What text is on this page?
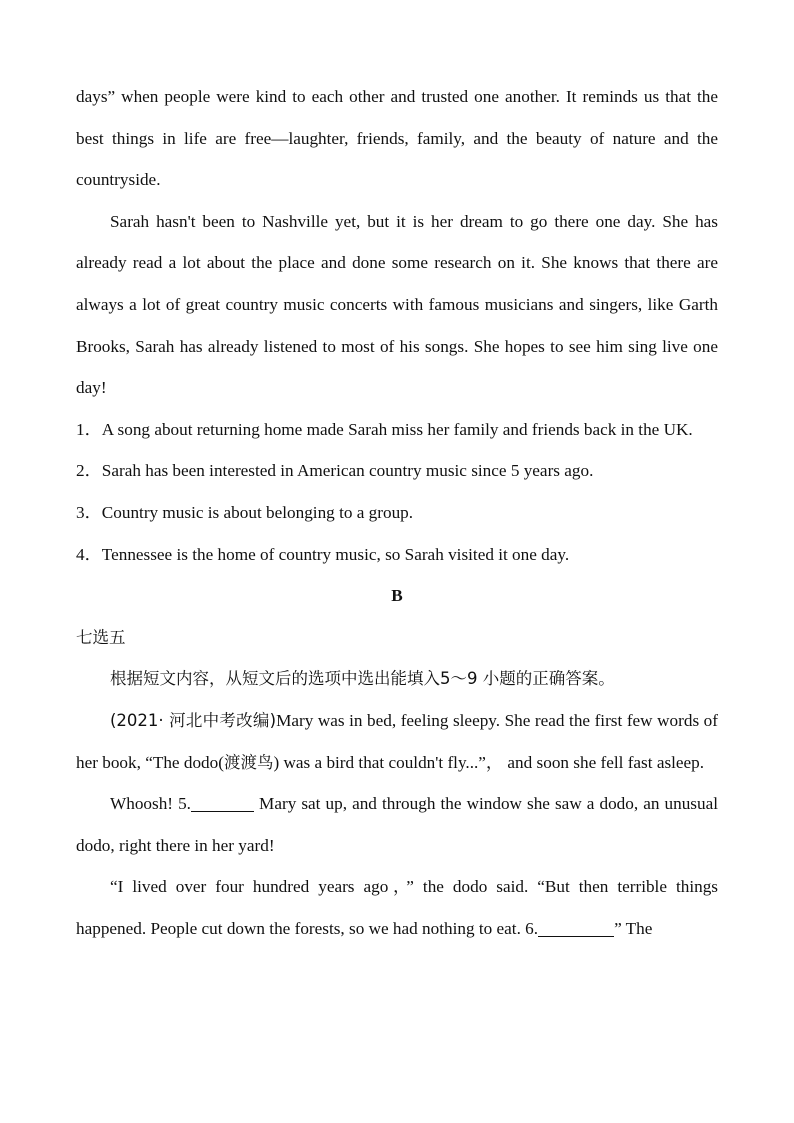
days” when people were kind to each other and trusted one another. It reminds us that the best things in life are free—laughter, friends, family, and the beauty of nature and the countryside.

Sarah hasn't been to Nashville yet, but it is her dream to go there one day. She has already read a lot about the place and done some research on it. She knows that there are always a lot of great country music concerts with famous musicians and singers, like Garth Brooks, Sarah has already listened to most of his songs. She hopes to see him sing live one day!

1．A song about returning home made Sarah miss her family and friends back in the UK.

2．Sarah has been interested in American country music since 5 years ago.

3．Country music is about belonging to a group.

4．Tennessee is the home of country music, so Sarah visited it one day.

B

七选五

根据短文内容，从短文后的选项中选出能填入5～9 小题的正确答案。

(2021· 河北中考改编)Mary was in bed, feeling sleepy. She read the first few words of her book, “The dodo(渡渡鸟) was a bird that couldn't fly...”， and soon she fell fast asleep.

Whoosh! 5.	Mary sat up, and through the window she saw a dodo, an unusual dodo, right there in her yard!

“I lived over four hundred years ago，” the dodo said. “But then terrible things happened. People cut down the forests, so we had nothing to eat. 6.	” The
